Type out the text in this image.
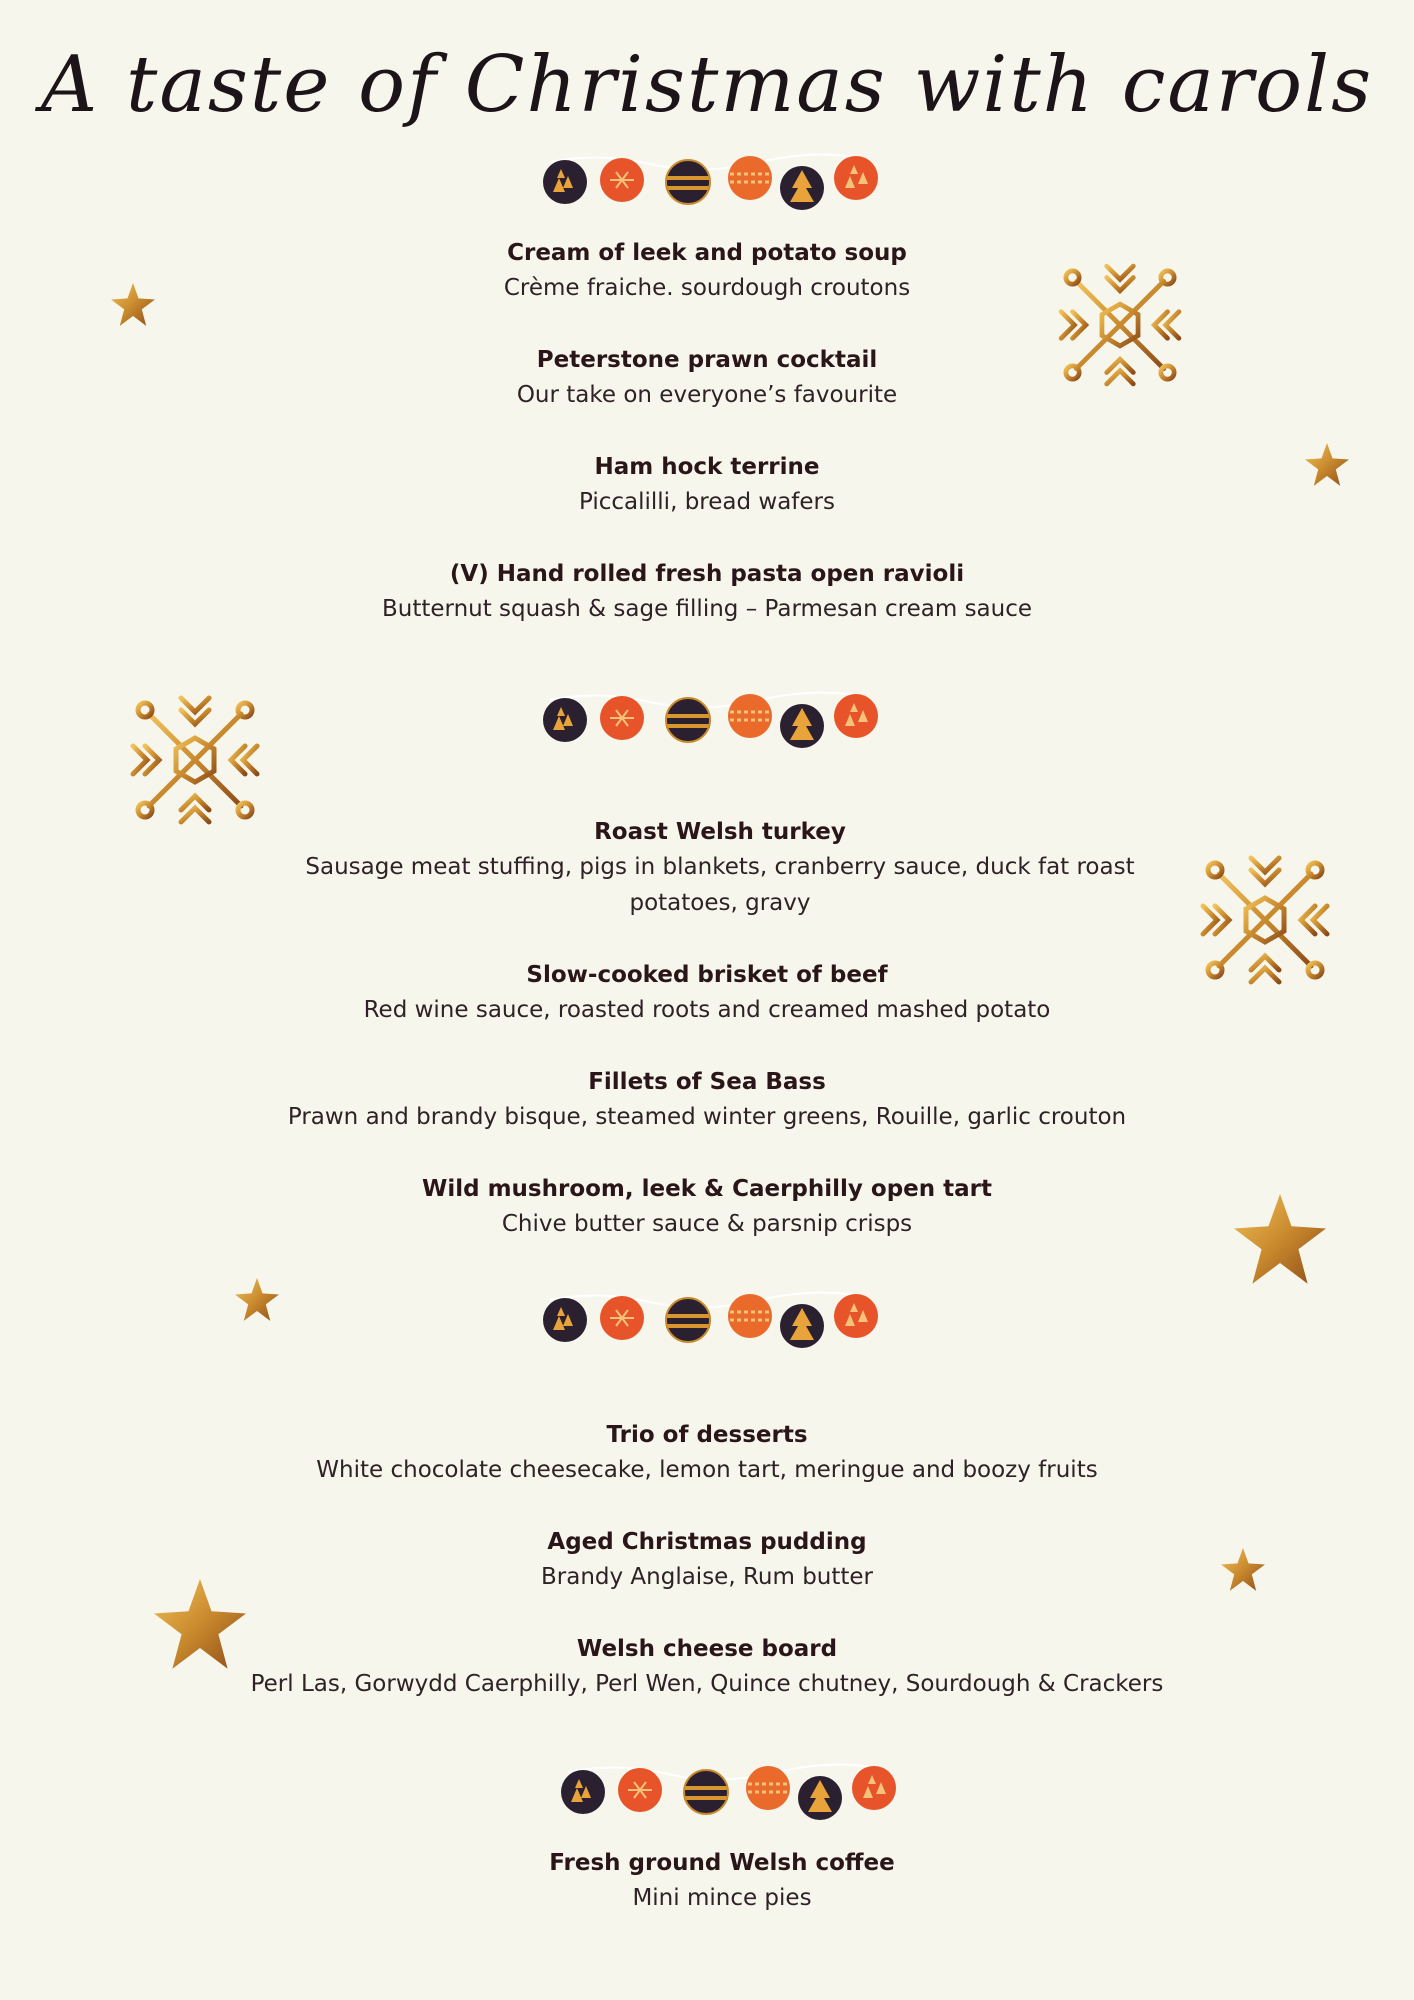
A taste of Christmas with carols
Cream of leek and potato soup
Crème fraiche. sourdough croutons
Peterstone prawn cocktail
Our take on everyone’s favourite
Ham hock terrine
Piccalilli, bread wafers
(V) Hand rolled fresh pasta open ravioli
Butternut squash & sage filling – Parmesan cream sauce
Roast Welsh turkey
Sausage meat stuffing, pigs in blankets, cranberry sauce, duck fat roast potatoes, gravy
Slow-cooked brisket of beef
Red wine sauce, roasted roots and creamed mashed potato
Fillets of Sea Bass
Prawn and brandy bisque, steamed winter greens, Rouille, garlic crouton
Wild mushroom, leek & Caerphilly open tart
Chive butter sauce & parsnip crisps
Trio of desserts
White chocolate cheesecake, lemon tart, meringue and boozy fruits
Aged Christmas pudding
Brandy Anglaise, Rum butter
Welsh cheese board
Perl Las, Gorwydd Caerphilly, Perl Wen, Quince chutney, Sourdough & Crackers
Fresh ground Welsh coffee
Mini mince pies
